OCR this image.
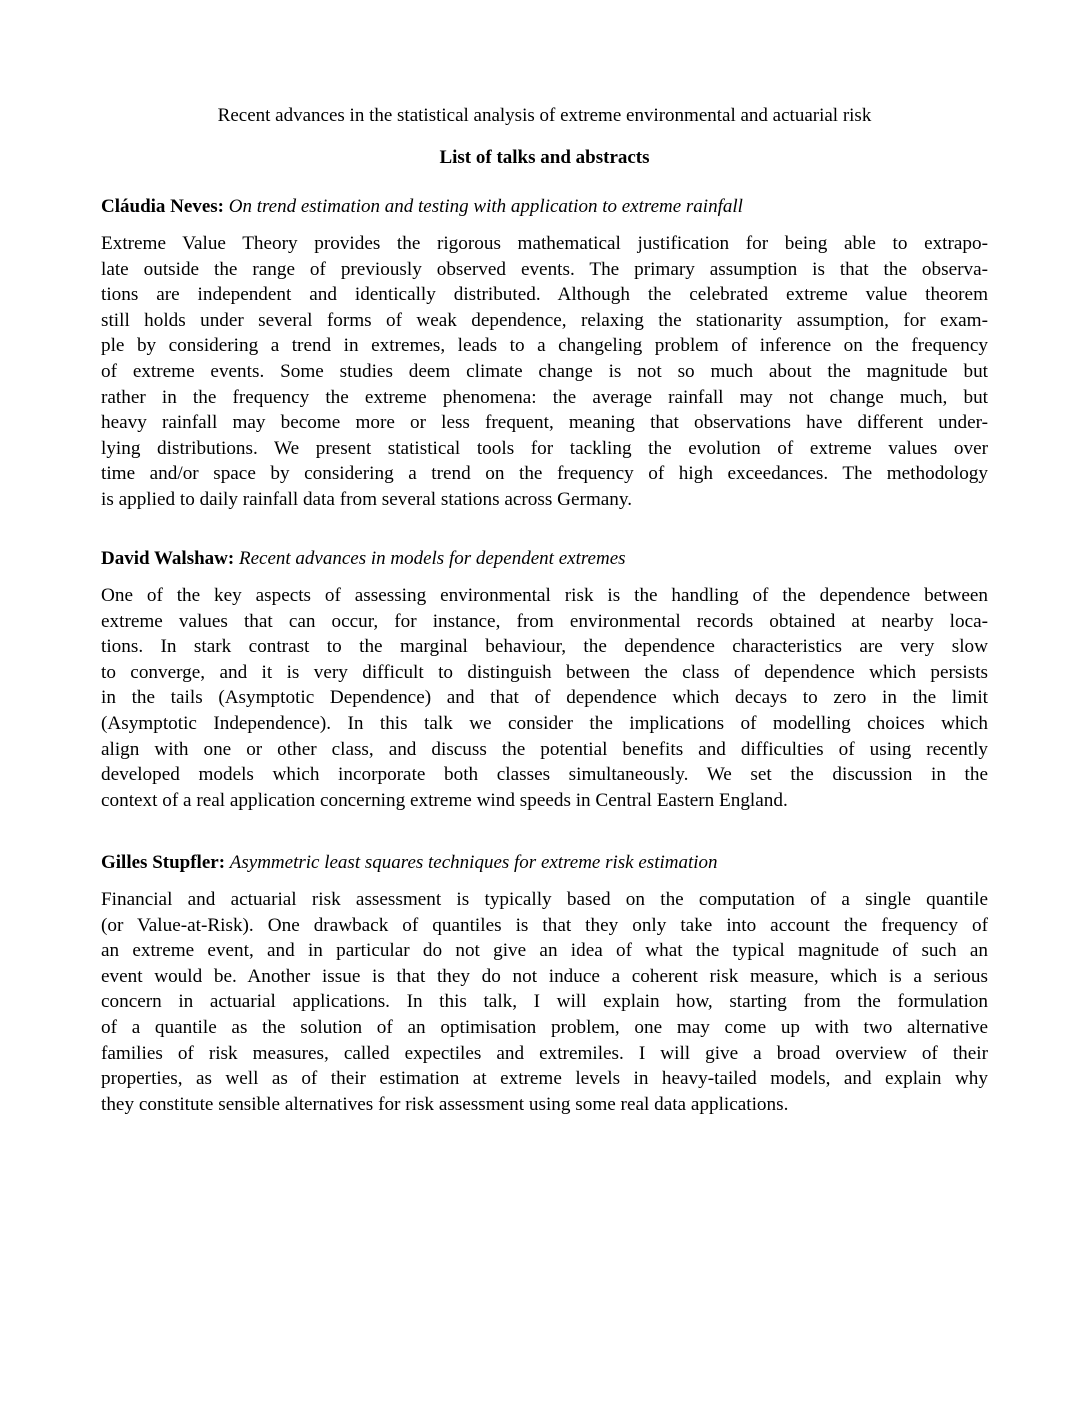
Recent advances in the statistical analysis of extreme environmental and actuarial risk
List of talks and abstracts

Cláudia Neves: On trend estimation and testing with application to extreme rainfall

Extreme Value Theory provides the rigorous mathematical justification for being able to extrapo-
late outside the range of previously observed events. The primary assumption is that the observa-
tions are independent and identically distributed. Although the celebrated extreme value theorem
still holds under several forms of weak dependence, relaxing the stationarity assumption, for exam-
ple by considering a trend in extremes, leads to a changeling problem of inference on the frequency
of extreme events. Some studies deem climate change is not so much about the magnitude but
rather in the frequency the extreme phenomena: the average rainfall may not change much, but
heavy rainfall may become more or less frequent, meaning that observations have different under-
lying distributions. We present statistical tools for tackling the evolution of extreme values over
time and/or space by considering a trend on the frequency of high exceedances. The methodology
is applied to daily rainfall data from several stations across Germany.

David Walshaw: Recent advances in models for dependent extremes

One of the key aspects of assessing environmental risk is the handling of the dependence between
extreme values that can occur, for instance, from environmental records obtained at nearby loca-
tions. In stark contrast to the marginal behaviour, the dependence characteristics are very slow
to converge, and it is very difficult to distinguish between the class of dependence which persists
in the tails (Asymptotic Dependence) and that of dependence which decays to zero in the limit
(Asymptotic Independence). In this talk we consider the implications of modelling choices which
align with one or other class, and discuss the potential benefits and difficulties of using recently
developed models which incorporate both classes simultaneously. We set the discussion in the
context of a real application concerning extreme wind speeds in Central Eastern England.

Gilles Stupfler: Asymmetric least squares techniques for extreme risk estimation

Financial and actuarial risk assessment is typically based on the computation of a single quantile
(or Value-at-Risk). One drawback of quantiles is that they only take into account the frequency of
an extreme event, and in particular do not give an idea of what the typical magnitude of such an
event would be. Another issue is that they do not induce a coherent risk measure, which is a serious
concern in actuarial applications. In this talk, I will explain how, starting from the formulation
of a quantile as the solution of an optimisation problem, one may come up with two alternative
families of risk measures, called expectiles and extremiles. I will give a broad overview of their
properties, as well as of their estimation at extreme levels in heavy-tailed models, and explain why
they constitute sensible alternatives for risk assessment using some real data applications.
